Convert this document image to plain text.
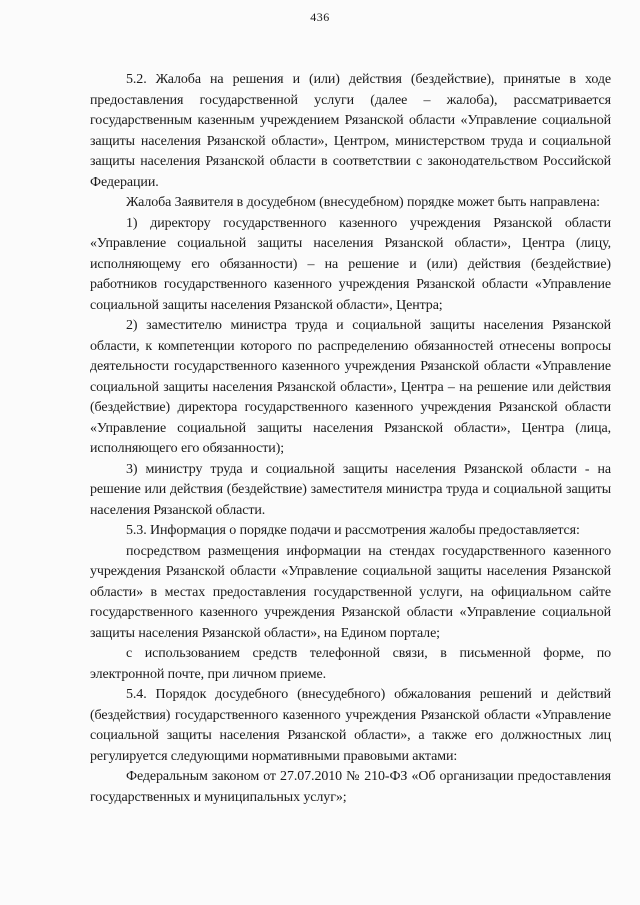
436

5.2. Жалоба на решения и (или) действия (бездействие), принятые в ходе предоставления государственной услуги (далее – жалоба), рассматривается государственным казенным учреждением Рязанской области «Управление социальной защиты населения Рязанской области», Центром, министерством труда и социальной защиты населения Рязанской области в соответствии с законодательством Российской Федерации.

Жалоба Заявителя в досудебном (внесудебном) порядке может быть направлена:

1) директору государственного казенного учреждения Рязанской области «Управление социальной защиты населения Рязанской области», Центра (лицу, исполняющему его обязанности) – на решение и (или) действия (бездействие) работников государственного казенного учреждения Рязанской области «Управление социальной защиты населения Рязанской области», Центра;

2) заместителю министра труда и социальной защиты населения Рязанской области, к компетенции которого по распределению обязанностей отнесены вопросы деятельности государственного казенного учреждения Рязанской области «Управление социальной защиты населения Рязанской области», Центра – на решение или действия (бездействие) директора государственного казенного учреждения Рязанской области «Управление социальной защиты населения Рязанской области», Центра (лица, исполняющего его обязанности);

3) министру труда и социальной защиты населения Рязанской области - на решение или действия (бездействие) заместителя министра труда и социальной защиты населения Рязанской области.

5.3. Информация о порядке подачи и рассмотрения жалобы предоставляется:

посредством размещения информации на стендах государственного казенного учреждения Рязанской области «Управление социальной защиты населения Рязанской области» в местах предоставления государственной услуги, на официальном сайте государственного казенного учреждения Рязанской области «Управление социальной защиты населения Рязанской области», на Едином портале;

с использованием средств телефонной связи, в письменной форме, по электронной почте, при личном приеме.

5.4. Порядок досудебного (внесудебного) обжалования решений и действий (бездействия) государственного казенного учреждения Рязанской области «Управление социальной защиты населения Рязанской области», а также его должностных лиц регулируется следующими нормативными правовыми актами:

Федеральным законом от 27.07.2010 № 210-ФЗ «Об организации предоставления государственных и муниципальных услуг»;
